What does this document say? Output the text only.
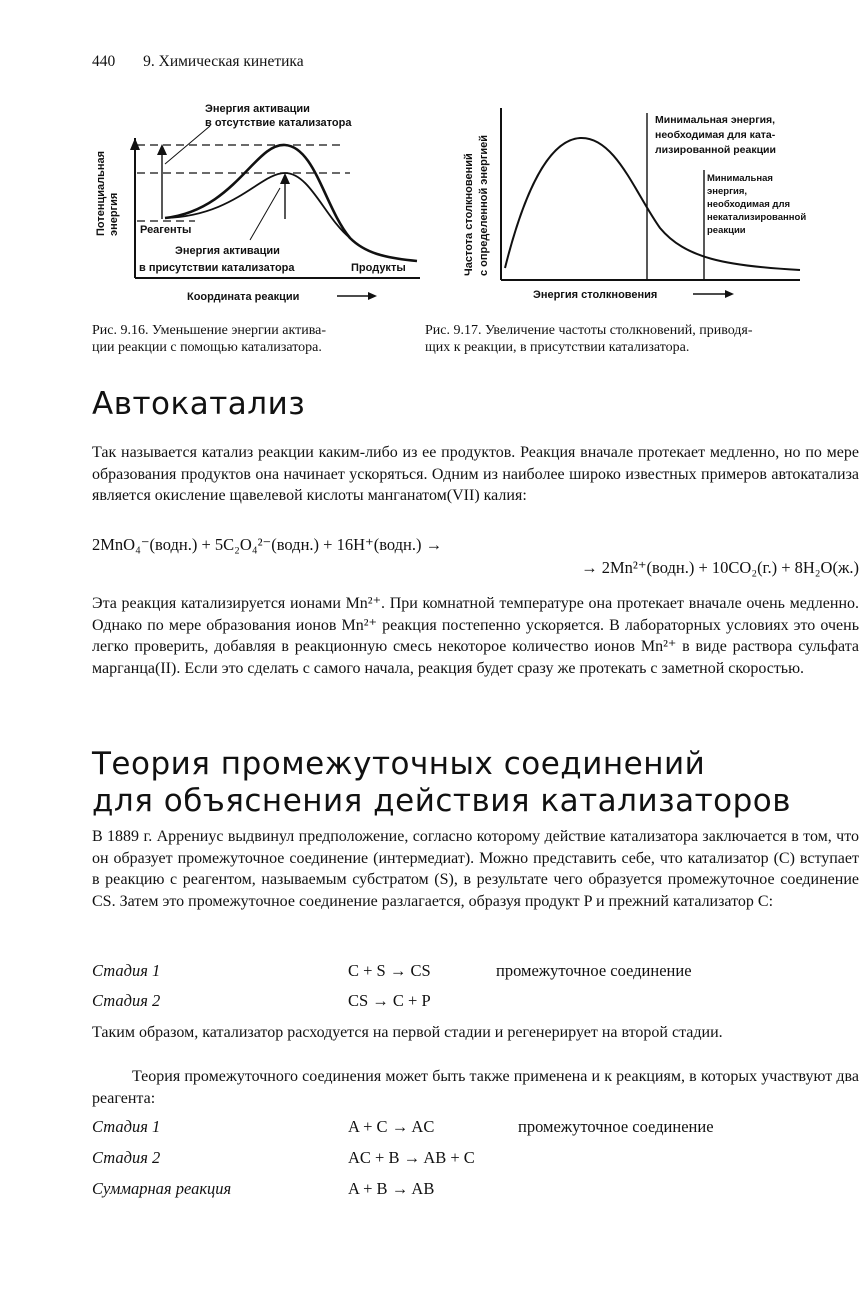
440 9. Химическая кинетика
Потенциальная энергия
Энергия активации
в отсутствие катализатора
Реагенты
Энергия активации
в присутствии катализатора	Продукты
Координата реакции
Рис. 9.16. Уменьшение энергии актива-
ции реакции с помощью катализатора.
Частота столкновений с определенной энергией
Минимальная энергия,
необходимая для ката-
лизированной реакции
Минимальная
энергия,
необходимая для
некатализированной
реакции
Энергия столкновения
Рис. 9.17. Увеличение частоты столкновений, приводя-
щих к реакции, в присутствии катализатора.
Автокатализ

Так называется катализ реакции каким-либо из ее продуктов. Реакция вначале протекает медленно, но по мере образования продуктов она начинает ускоряться. Одним из наиболее широко известных примеров автокатализа является окисление щавелевой кислоты манганатом(VII) калия:

2MnO₄⁻(водн.) + 5C₂O₄²⁻(водн.) + 16H⁺(водн.) →
→ 2Mn²⁺(водн.) + 10CO₂(г.) + 8H₂O(ж.)

Эта реакция катализируется ионами Mn²⁺. При комнатной температуре она протекает вначале очень медленно. Однако по мере образования ионов Mn²⁺ реакция постепенно ускоряется. В лабораторных условиях это очень легко проверить, добавляя в реакционную смесь некоторое количество ионов Mn²⁺ в виде раствора сульфата марганца(II). Если это сделать с самого начала, реакция будет сразу же протекать с заметной скоростью.

Теория промежуточных соединений
для объяснения действия катализаторов

В 1889 г. Аррениус выдвинул предположение, согласно которому действие катализатора заключается в том, что он образует промежуточное соединение (интермедиат). Можно представить себе, что катализатор (C) вступает в реакцию с реагентом, называемым субстратом (S), в результате чего образуется промежуточное соединение CS. Затем это промежуточное соединение разлагается, образуя продукт P и прежний катализатор C:

Стадия 1	C + S → CS	промежуточное соединение
Стадия 2	CS → C + P

Таким образом, катализатор расходуется на первой стадии и регенерирует на второй стадии.

Теория промежуточного соединения может быть также применена и к реакциям, в которых участвуют два реагента:

Стадия 1	A + C → AC	промежуточное соединение
Стадия 2	AC + B → AB + C
Суммарная реакция	A + B → AB
